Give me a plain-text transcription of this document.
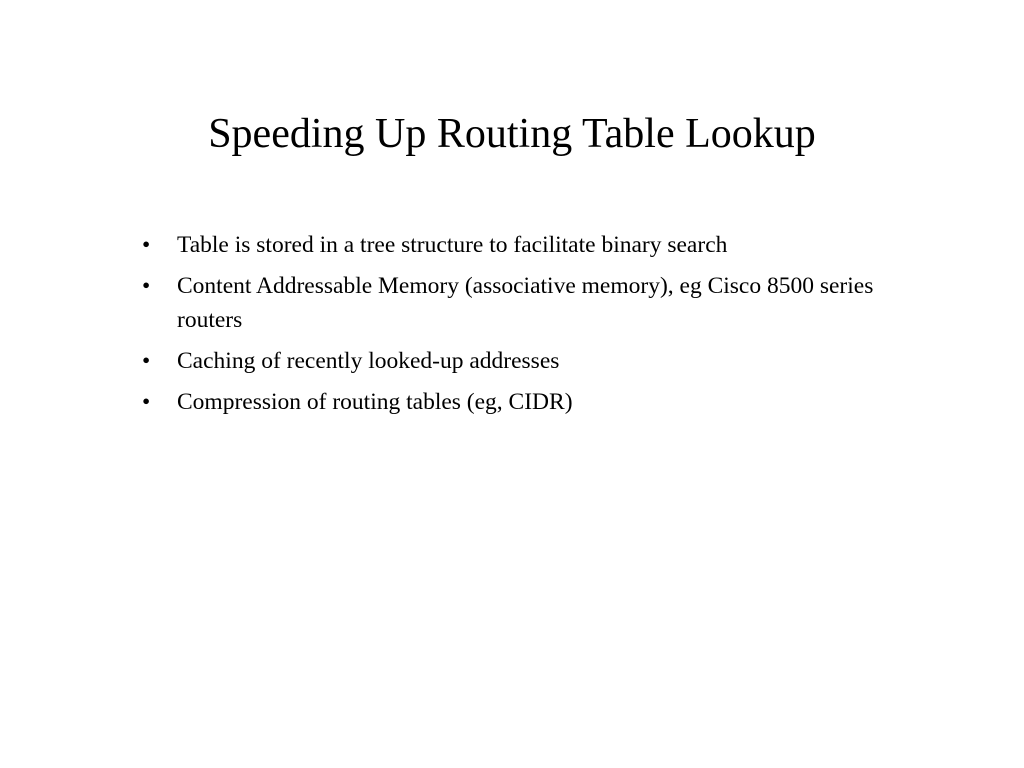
Speeding Up Routing Table Lookup
• Table is stored in a tree structure to facilitate binary search
• Content Addressable Memory (associative memory), eg Cisco 8500 series routers
• Caching of recently looked-up addresses
• Compression of routing tables (eg, CIDR)
